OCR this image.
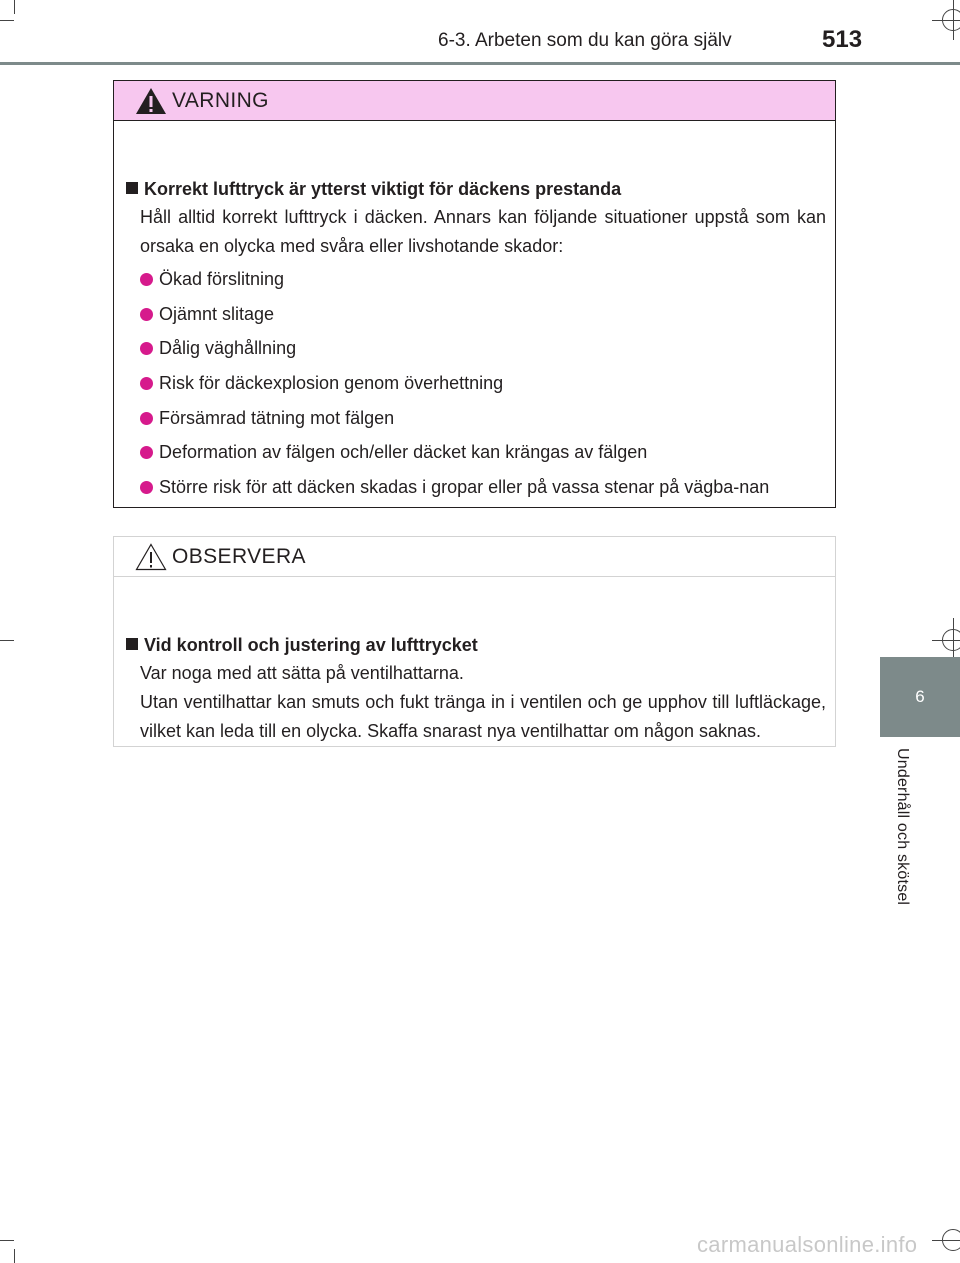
6-3. Arbeten som du kan göra själv	513
6
Underhåll och skötsel
VARNING
Korrekt lufttryck är ytterst viktigt för däckens prestanda
Håll alltid korrekt lufttryck i däcken. Annars kan följande situationer uppstå som kan orsaka en olycka med svåra eller livshotande skador:
Ökad förslitning
Ojämnt slitage
Dålig väghållning
Risk för däckexplosion genom överhettning
Försämrad tätning mot fälgen
Deformation av fälgen och/eller däcket kan krängas av fälgen
Större risk för att däcken skadas i gropar eller på vassa stenar på vägba-nan
OBSERVERA
Vid kontroll och justering av lufttrycket
Var noga med att sätta på ventilhattarna.
Utan ventilhattar kan smuts och fukt tränga in i ventilen och ge upphov till luftläckage, vilket kan leda till en olycka. Skaffa snarast nya ventilhattar om någon saknas.
carmanualsonline.info
